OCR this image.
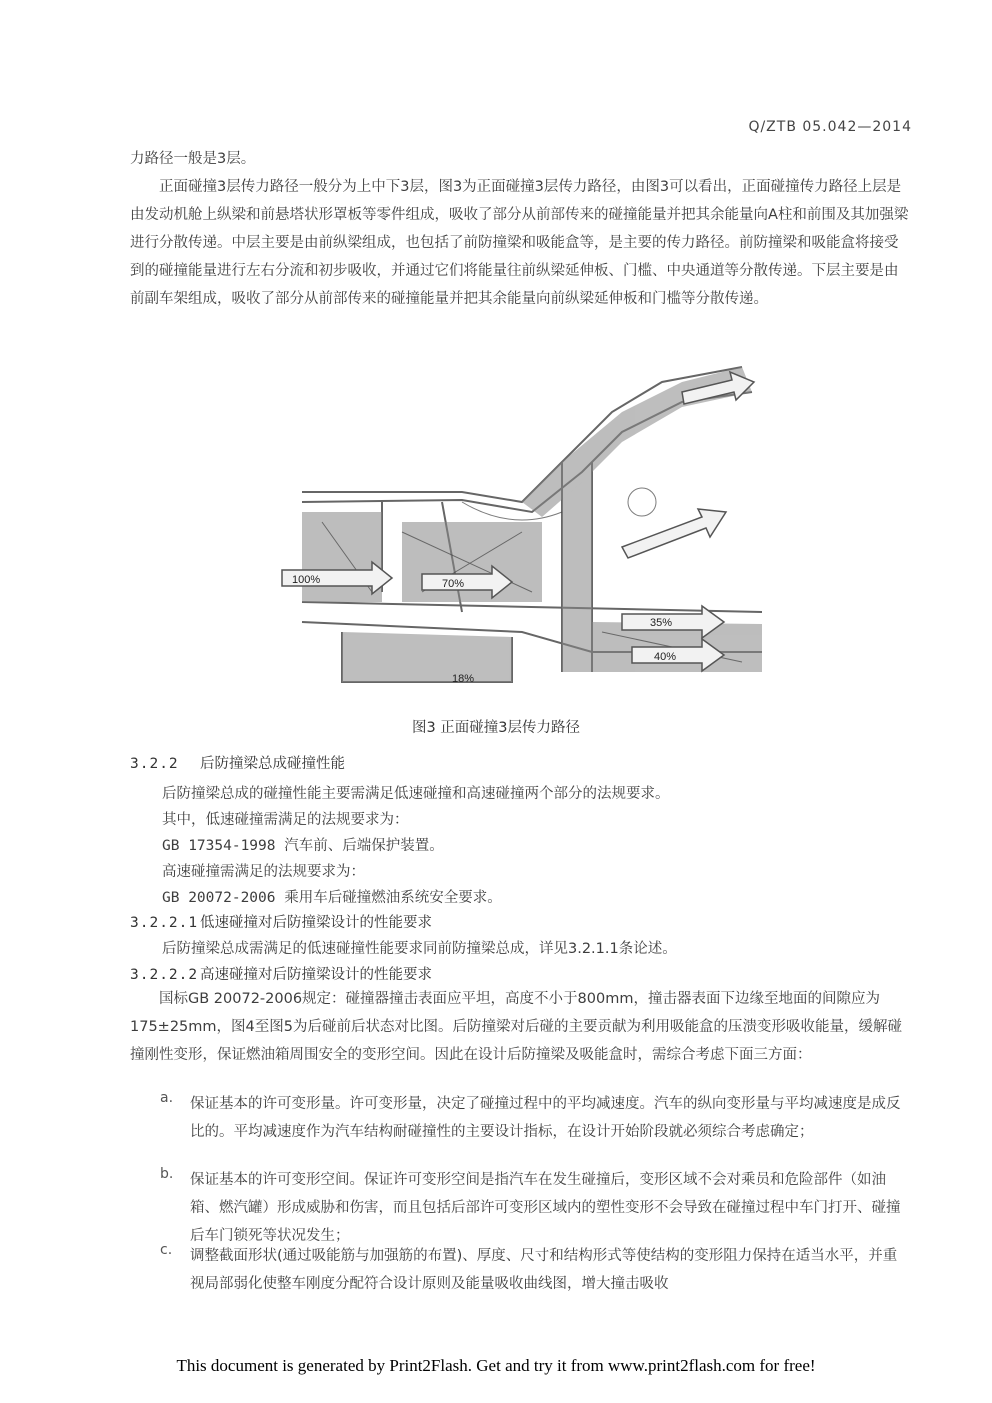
Q/ZTB 05.042—2014

力路径一般是3层。

正面碰撞3层传力路径一般分为上中下3层，图3为正面碰撞3层传力路径，由图3可以看出，正面碰撞传力路径上层是由发动机舱上纵梁和前悬塔状形罩板等零件组成，吸收了部分从前部传来的碰撞能量并把其余能量向A柱和前围及其加强梁进行分散传递。中层主要是由前纵梁组成，也包括了前防撞梁和吸能盒等，是主要的传力路径。前防撞梁和吸能盒将接受到的碰撞能量进行左右分流和初步吸收，并通过它们将能量往前纵梁延伸板、门槛、中央通道等分散传递。下层主要是由前副车架组成，吸收了部分从前部传来的碰撞能量并把其余能量向前纵梁延伸板和门槛等分散传递。

100%	70%
35%
40%
18%
图3 正面碰撞3层传力路径
3.2.2 后防撞梁总成碰撞性能
后防撞梁总成的碰撞性能主要需满足低速碰撞和高速碰撞两个部分的法规要求。
其中，低速碰撞需满足的法规要求为：
GB 17354-1998 汽车前、后端保护装置。
高速碰撞需满足的法规要求为：
GB 20072-2006 乘用车后碰撞燃油系统安全要求。
3.2.2.1 低速碰撞对后防撞梁设计的性能要求
后防撞梁总成需满足的低速碰撞性能要求同前防撞梁总成，详见3.2.1.1条论述。
3.2.2.2 高速碰撞对后防撞梁设计的性能要求

国标GB 20072-2006规定：碰撞器撞击表面应平坦，高度不小于800mm，撞击器表面下边缘至地面的间隙应为175±25mm，图4至图5为后碰前后状态对比图。后防撞梁对后碰的主要贡献为利用吸能盒的压溃变形吸收能量，缓解碰撞刚性变形，保证燃油箱周围安全的变形空间。因此在设计后防撞梁及吸能盒时，需综合考虑下面三方面：

a. 保证基本的许可变形量。许可变形量，决定了碰撞过程中的平均减速度。汽车的纵向变形量与平均减速度是成反比的。平均减速度作为汽车结构耐碰撞性的主要设计指标，在设计开始阶段就必须综合考虑确定；
b. 保证基本的许可变形空间。保证许可变形空间是指汽车在发生碰撞后，变形区域不会对乘员和危险部件（如油箱、燃汽罐）形成威胁和伤害，而且包括后部许可变形区域内的塑性变形不会导致在碰撞过程中车门打开、碰撞后车门锁死等状况发生；
c. 调整截面形状(通过吸能筋与加强筋的布置)、厚度、尺寸和结构形式等使结构的变形阻力保持在适当水平，并重视局部弱化使整车刚度分配符合设计原则及能量吸收曲线图，增大撞击吸收
This document is generated by Print2Flash. Get and try it from www.print2flash.com for free!
